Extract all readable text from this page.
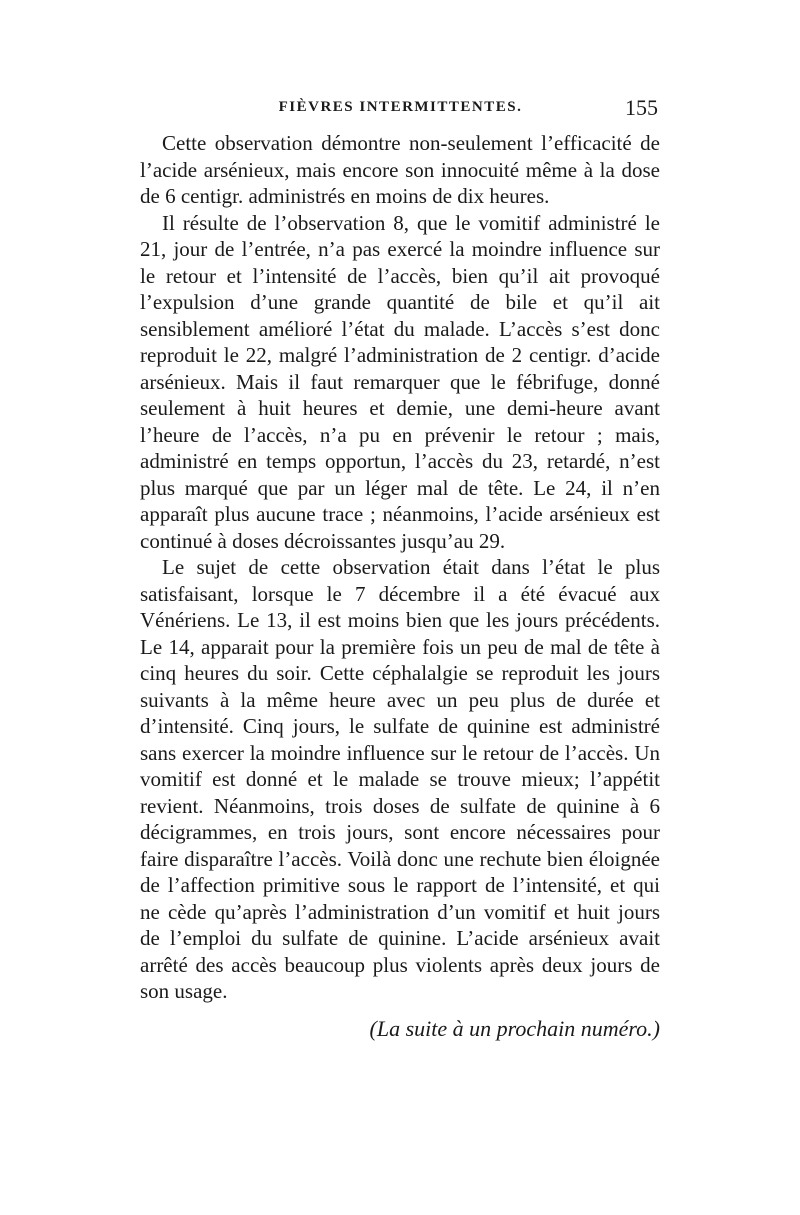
FIÈVRES INTERMITTENTES.	155

Cette observation démontre non-seulement l’efficacité de l’acide arsénieux, mais encore son innocuité même à la dose de 6 centigr. administrés en moins de dix heures.

Il résulte de l’observation 8, que le vomitif administré le 21, jour de l’entrée, n’a pas exercé la moindre influence sur le retour et l’intensité de l’accès, bien qu’il ait provoqué l’expulsion d’une grande quantité de bile et qu’il ait sensiblement amélioré l’état du malade. L’accès s’est donc reproduit le 22, malgré l’administration de 2 centigr. d’acide arsénieux. Mais il faut remarquer que le fébrifuge, donné seulement à huit heures et demie, une demi-heure avant l’heure de l’accès, n’a pu en prévenir le retour ; mais, administré en temps opportun, l’accès du 23, retardé, n’est plus marqué que par un léger mal de tête. Le 24, il n’en apparaît plus aucune trace ; néanmoins, l’acide arsénieux est continué à doses décroissantes jusqu’au 29.

Le sujet de cette observation était dans l’état le plus satisfaisant, lorsque le 7 décembre il a été évacué aux Vénériens. Le 13, il est moins bien que les jours précédents. Le 14, apparait pour la première fois un peu de mal de tête à cinq heures du soir. Cette céphalalgie se reproduit les jours suivants à la même heure avec un peu plus de durée et d’intensité. Cinq jours, le sulfate de quinine est administré sans exercer la moindre influence sur le retour de l’accès. Un vomitif est donné et le malade se trouve mieux; l’appétit revient. Néanmoins, trois doses de sulfate de quinine à 6 décigrammes, en trois jours, sont encore nécessaires pour faire disparaître l’accès. Voilà donc une rechute bien éloignée de l’affection primitive sous le rapport de l’intensité, et qui ne cède qu’après l’administration d’un vomitif et huit jours de l’emploi du sulfate de quinine. L’acide arsénieux avait arrêté des accès beaucoup plus violents après deux jours de son usage.

(La suite à un prochain numéro.)
